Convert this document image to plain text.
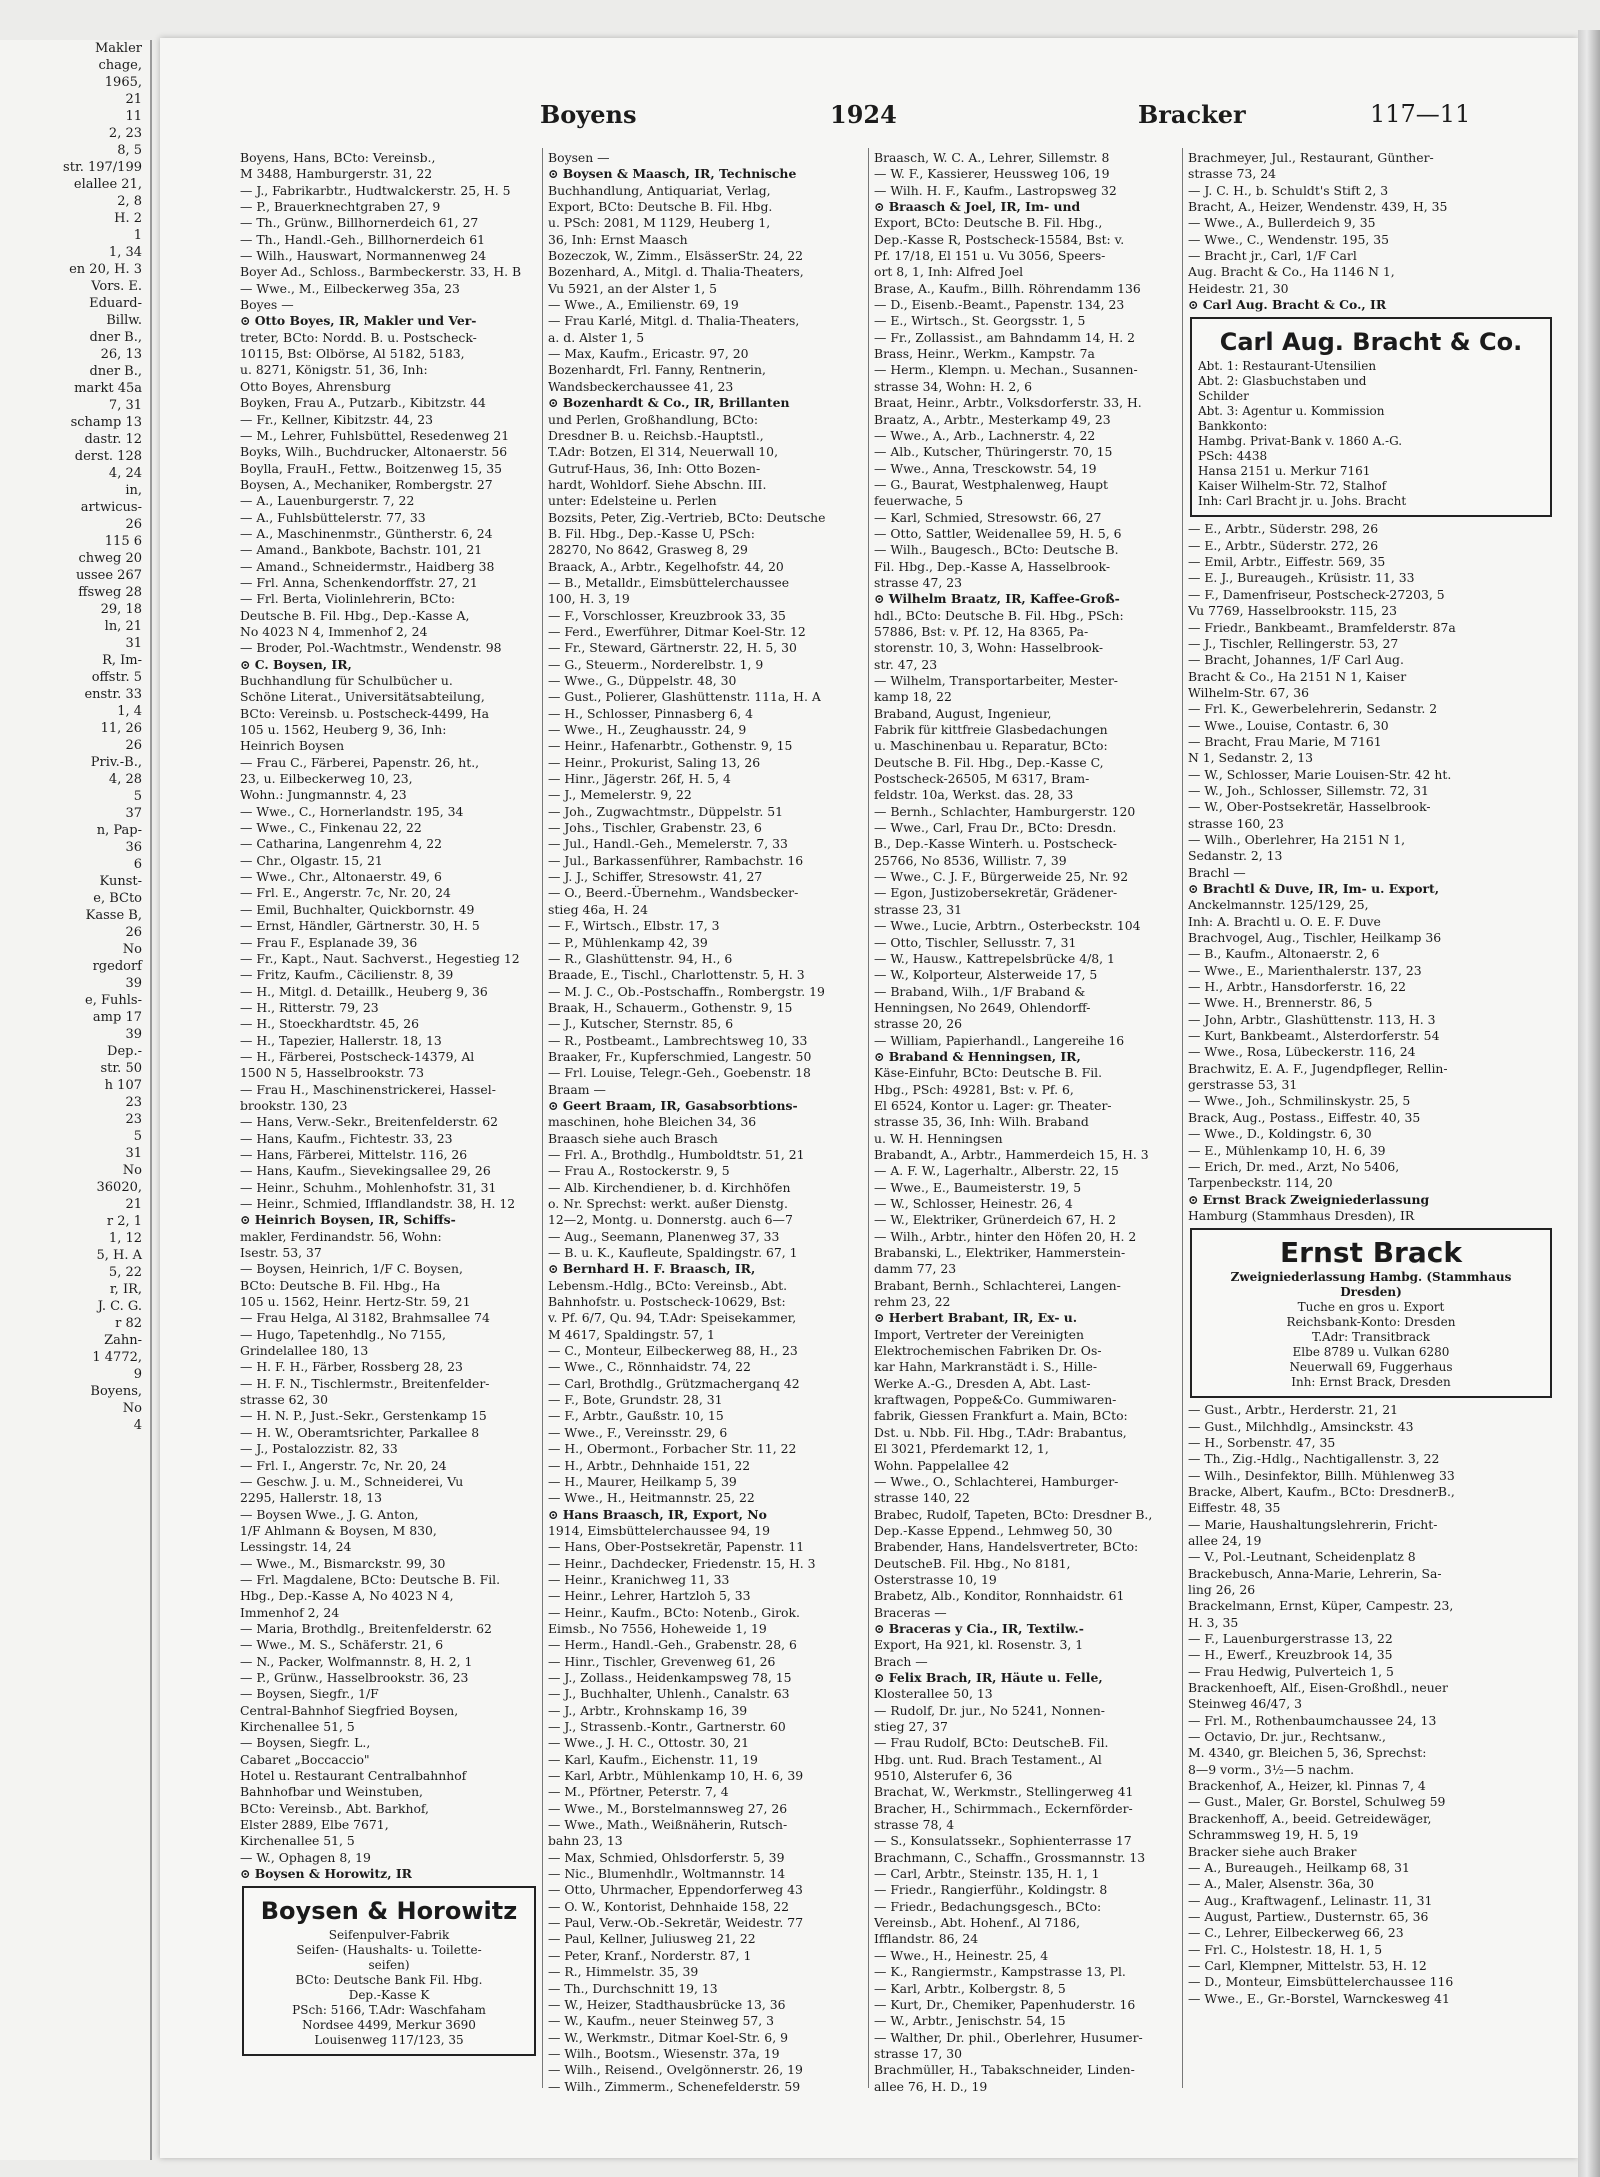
Makler
chage,
1965,
21
11
2, 23
8, 5
str. 197/199
elallee 21,
2, 8
H. 2
1
1, 34
en 20, H. 3
Vors. E.
Eduard-
Billw.
dner B.,
26, 13
dner B.,
markt 45a
7, 31
schamp 13
dastr. 12
derst. 128
4, 24
in,
artwicus-
26
115 6
chweg 20
ussee 267
ffsweg 28
29, 18
ln, 21
31
R, Im-
offstr. 5
enstr. 33
1, 4
11, 26
26
Priv.-B.,
4, 28
5
37
n, Pap-
36
6
Kunst-
e, BCto
Kasse B,
26
No
rgedorf
39
e, Fuhls-
amp 17
39
Dep.-
str. 50
h 107
23
23
5
31
No
36020,
21
r 2, 1
1, 12
5, H. A
5, 22
r, IR,
J. C. G.
r 82
Zahn-
1 4772,
9
Boyens,
No
4
Boyens	1924	Bracker	117—11
Boyens, Hans, BCto: Vereinsb.,
M 3488, Hamburgerstr. 31, 22
— J., Fabrikarbtr., Hudtwalckerstr. 25, H. 5
— P., Brauerknechtgraben 27, 9
— Th., Grünw., Billhornerdeich 61, 27
— Th., Handl.-Geh., Billhornerdeich 61
— Wilh., Hauswart, Normannenweg 24
Boyer Ad., Schloss., Barmbeckerstr. 33, H. B
— Wwe., M., Eilbeckerweg 35a, 23
Boyes —
⊙ Otto Boyes, IR, Makler und Ver-
treter, BCto: Nordd. B. u. Postscheck-
10115, Bst: Olbörse, Al 5182, 5183,
u. 8271, Königstr. 51, 36, Inh:
Otto Boyes, Ahrensburg
Boyken, Frau A., Putzarb., Kibitzstr. 44
— Fr., Kellner, Kibitzstr. 44, 23
— M., Lehrer, Fuhlsbüttel, Resedenweg 21
Boyks, Wilh., Buchdrucker, Altonaerstr. 56
Boylla, FrauH., Fettw., Boitzenweg 15, 35
Boysen, A., Mechaniker, Rombergstr. 27
— A., Lauenburgerstr. 7, 22
— A., Fuhlsbüttelerstr. 77, 33
— A., Maschinenmstr., Güntherstr. 6, 24
— Amand., Bankbote, Bachstr. 101, 21
— Amand., Schneidermstr., Haidberg 38
— Frl. Anna, Schenkendorffstr. 27, 21
— Frl. Berta, Violinlehrerin, BCto:
Deutsche B. Fil. Hbg., Dep.-Kasse A,
No 4023 N 4, Immenhof 2, 24
— Broder, Pol.-Wachtmstr., Wendenstr. 98
⊙ C. Boysen, IR,
Buchhandlung für Schulbücher u.
Schöne Literat., Universitätsabteilung,
BCto: Vereinsb. u. Postscheck-4499, Ha
105 u. 1562, Heuberg 9, 36, Inh:
Heinrich Boysen
— Frau C., Färberei, Papenstr. 26, ht.,
23, u. Eilbeckerweg 10, 23,
Wohn.: Jungmannstr. 4, 23
— Wwe., C., Hornerlandstr. 195, 34
— Wwe., C., Finkenau 22, 22
— Catharina, Langenrehm 4, 22
— Chr., Olgastr. 15, 21
— Wwe., Chr., Altonaerstr. 49, 6
— Frl. E., Angerstr. 7c, Nr. 20, 24
— Emil, Buchhalter, Quickbornstr. 49
— Ernst, Händler, Gärtnerstr. 30, H. 5
— Frau F., Esplanade 39, 36
— Fr., Kapt., Naut. Sachverst., Hegestieg 12
— Fritz, Kaufm., Cäcilienstr. 8, 39
— H., Mitgl. d. Detaillk., Heuberg 9, 36
— H., Ritterstr. 79, 23
— H., Stoeckhardtstr. 45, 26
— H., Tapezier, Hallerstr. 18, 13
— H., Färberei, Postscheck-14379, Al
1500 N 5, Hasselbrookstr. 73
— Frau H., Maschinenstrickerei, Hassel-
brookstr. 130, 23
— Hans, Verw.-Sekr., Breitenfelderstr. 62
— Hans, Kaufm., Fichtestr. 33, 23
— Hans, Färberei, Mittelstr. 116, 26
— Hans, Kaufm., Sievekingsallee 29, 26
— Heinr., Schuhm., Mohlenhofstr. 31, 31
— Heinr., Schmied, Ifflandlandstr. 38, H. 12
⊙ Heinrich Boysen, IR, Schiffs-
makler, Ferdinandstr. 56, Wohn:
Isestr. 53, 37
— Boysen, Heinrich, 1/F C. Boysen,
BCto: Deutsche B. Fil. Hbg., Ha
105 u. 1562, Heinr. Hertz-Str. 59, 21
— Frau Helga, Al 3182, Brahmsallee 74
— Hugo, Tapetenhdlg., No 7155,
Grindelallee 180, 13
— H. F. H., Färber, Rossberg 28, 23
— H. F. N., Tischlermstr., Breitenfelder-
strasse 62, 30
— H. N. P., Just.-Sekr., Gerstenkamp 15
— H. W., Oberamtsrichter, Parkallee 8
— J., Postalozzistr. 82, 33
— Frl. I., Angerstr. 7c, Nr. 20, 24
— Geschw. J. u. M., Schneiderei, Vu
2295, Hallerstr. 18, 13
— Boysen Wwe., J. G. Anton,
1/F Ahlmann & Boysen, M 830,
Lessingstr. 14, 24
— Wwe., M., Bismarckstr. 99, 30
— Frl. Magdalene, BCto: Deutsche B. Fil.
Hbg., Dep.-Kasse A, No 4023 N 4,
Immenhof 2, 24
— Maria, Brothdlg., Breitenfelderstr. 62
— Wwe., M. S., Schäferstr. 21, 6
— N., Packer, Wolfmannstr. 8, H. 2, 1
— P., Grünw., Hasselbrookstr. 36, 23
— Boysen, Siegfr., 1/F
Central-Bahnhof Siegfried Boysen,
Kirchenallee 51, 5
— Boysen, Siegfr. L.,
Cabaret „Boccaccio"
Hotel u. Restaurant Centralbahnhof
Bahnhofbar und Weinstuben,
BCto: Vereinsb., Abt. Barkhof,
Elster 2889, Elbe 7671,
Kirchenallee 51, 5
— W., Ophagen 8, 19
⊙ Boysen & Horowitz, IR
Boysen & Horowitz
Seifenpulver-Fabrik
Seifen- (Haushalts- u. Toilette-
seifen)
BCto: Deutsche Bank Fil. Hbg.
Dep.-Kasse K
PSch: 5166, T.Adr: Waschfaham
Nordsee 4499, Merkur 3690
Louisenweg 117/123, 35
Boysen —
⊙ Boysen & Maasch, IR, Technische
Buchhandlung, Antiquariat, Verlag,
Export, BCto: Deutsche B. Fil. Hbg.
u. PSch: 2081, M 1129, Heuberg 1,
36, Inh: Ernst Maasch
Bozeczok, W., Zimm., ElsässerStr. 24, 22
Bozenhard, A., Mitgl. d. Thalia-Theaters,
Vu 5921, an der Alster 1, 5
— Wwe., A., Emilienstr. 69, 19
— Frau Karlé, Mitgl. d. Thalia-Theaters,
a. d. Alster 1, 5
— Max, Kaufm., Ericastr. 97, 20
Bozenhardt, Frl. Fanny, Rentnerin,
Wandsbeckerchaussee 41, 23
⊙ Bozenhardt & Co., IR, Brillanten
und Perlen, Großhandlung, BCto:
Dresdner B. u. Reichsb.-Hauptstl.,
T.Adr: Botzen, El 314, Neuerwall 10,
Gutruf-Haus, 36, Inh: Otto Bozen-
hardt, Wohldorf. Siehe Abschn. III.
unter: Edelsteine u. Perlen
Bozsits, Peter, Zig.-Vertrieb, BCto: Deutsche
B. Fil. Hbg., Dep.-Kasse U, PSch:
28270, No 8642, Grasweg 8, 29
Braack, A., Arbtr., Kegelhofstr. 44, 20
— B., Metalldr., Eimsbüttelerchaussee
100, H. 3, 19
— F., Vorschlosser, Kreuzbrook 33, 35
— Ferd., Ewerführer, Ditmar Koel-Str. 12
— Fr., Steward, Gärtnerstr. 22, H. 5, 30
— G., Steuerm., Norderelbstr. 1, 9
— Wwe., G., Düppelstr. 48, 30
— Gust., Polierer, Glashüttenstr. 111a, H. A
— H., Schlosser, Pinnasberg 6, 4
— Wwe., H., Zeughausstr. 24, 9
— Heinr., Hafenarbtr., Gothenstr. 9, 15
— Heinr., Prokurist, Saling 13, 26
— Hinr., Jägerstr. 26f, H. 5, 4
— J., Memelerstr. 9, 22
— Joh., Zugwachtmstr., Düppelstr. 51
— Johs., Tischler, Grabenstr. 23, 6
— Jul., Handl.-Geh., Memelerstr. 7, 33
— Jul., Barkassenführer, Rambachstr. 16
— J. J., Schiffer, Stresowstr. 41, 27
— O., Beerd.-Übernehm., Wandsbecker-
stieg 46a, H. 24
— F., Wirtsch., Elbstr. 17, 3
— P., Mühlenkamp 42, 39
— R., Glashüttenstr. 94, H., 6
Braade, E., Tischl., Charlottenstr. 5, H. 3
— M. J. C., Ob.-Postschaffn., Rombergstr. 19
Braak, H., Schauerm., Gothenstr. 9, 15
— J., Kutscher, Sternstr. 85, 6
— R., Postbeamt., Lambrechtsweg 10, 33
Braaker, Fr., Kupferschmied, Langestr. 50
— Frl. Louise, Telegr.-Geh., Goebenstr. 18
Braam —
⊙ Geert Braam, IR, Gasabsorbtions-
maschinen, hohe Bleichen 34, 36
Braasch siehe auch Brasch
— Frl. A., Brothdlg., Humboldtstr. 51, 21
— Frau A., Rostockerstr. 9, 5
— Alb. Kirchendiener, b. d. Kirchhöfen
o. Nr. Sprechst: werkt. außer Dienstg.
12—2, Montg. u. Donnerstg. auch 6—7
— Aug., Seemann, Planenweg 37, 33
— B. u. K., Kaufleute, Spaldingstr. 67, 1
⊙ Bernhard H. F. Braasch, IR,
Lebensm.-Hdlg., BCto: Vereinsb., Abt.
Bahnhofstr. u. Postscheck-10629, Bst:
v. Pf. 6/7, Qu. 94, T.Adr: Speisekammer,
M 4617, Spaldingstr. 57, 1
— C., Monteur, Eilbeckerweg 88, H., 23
— Wwe., C., Rönnhaidstr. 74, 22
— Carl, Brothdlg., Grützmacherganq 42
— F., Bote, Grundstr. 28, 31
— F., Arbtr., Gaußstr. 10, 15
— Wwe., F., Vereinsstr. 29, 6
— H., Obermont., Forbacher Str. 11, 22
— H., Arbtr., Dehnhaide 151, 22
— H., Maurer, Heilkamp 5, 39
— Wwe., H., Heitmannstr. 25, 22
⊙ Hans Braasch, IR, Export, No
1914, Eimsbüttelerchaussee 94, 19
— Hans, Ober-Postsekretär, Papenstr. 11
— Heinr., Dachdecker, Friedenstr. 15, H. 3
— Heinr., Kranichweg 11, 33
— Heinr., Lehrer, Hartzloh 5, 33
— Heinr., Kaufm., BCto: Notenb., Girok.
Eimsb., No 7556, Hoheweide 1, 19
— Herm., Handl.-Geh., Grabenstr. 28, 6
— Hinr., Tischler, Grevenweg 61, 26
— J., Zollass., Heidenkampsweg 78, 15
— J., Buchhalter, Uhlenh., Canalstr. 63
— J., Arbtr., Krohnskamp 16, 39
— J., Strassenb.-Kontr., Gartnerstr. 60
— Wwe., J. H. C., Ottostr. 30, 21
— Karl, Kaufm., Eichenstr. 11, 19
— Karl, Arbtr., Mühlenkamp 10, H. 6, 39
— M., Pförtner, Peterstr. 7, 4
— Wwe., M., Borstelmannsweg 27, 26
— Wwe., Math., Weißnäherin, Rutsch-
bahn 23, 13
— Max, Schmied, Ohlsdorferstr. 5, 39
— Nic., Blumenhdlr., Woltmannstr. 14
— Otto, Uhrmacher, Eppendorferweg 43
— O. W., Kontorist, Dehnhaide 158, 22
— Paul, Verw.-Ob.-Sekretär, Weidestr. 77
— Paul, Kellner, Juliusweg 21, 22
— Peter, Kranf., Norderstr. 87, 1
— R., Himmelstr. 35, 39
— Th., Durchschnitt 19, 13
— W., Heizer, Stadthausbrücke 13, 36
— W., Kaufm., neuer Steinweg 57, 3
— W., Werkmstr., Ditmar Koel-Str. 6, 9
— Wilh., Bootsm., Wiesenstr. 37a, 19
— Wilh., Reisend., Ovelgönnerstr. 26, 19
— Wilh., Zimmerm., Schenefelderstr. 59
Braasch, W. C. A., Lehrer, Sillemstr. 8
— W. F., Kassierer, Heussweg 106, 19
— Wilh. H. F., Kaufm., Lastropsweg 32
⊙ Braasch & Joel, IR, Im- und
Export, BCto: Deutsche B. Fil. Hbg.,
Dep.-Kasse R, Postscheck-15584, Bst: v.
Pf. 17/18, El 151 u. Vu 3056, Speers-
ort 8, 1, Inh: Alfred Joel
Brase, A., Kaufm., Billh. Röhrendamm 136
— D., Eisenb.-Beamt., Papenstr. 134, 23
— E., Wirtsch., St. Georgsstr. 1, 5
— Fr., Zollassist., am Bahndamm 14, H. 2
Brass, Heinr., Werkm., Kampstr. 7a
— Herm., Klempn. u. Mechan., Susannen-
strasse 34, Wohn: H. 2, 6
Braat, Heinr., Arbtr., Volksdorferstr. 33, H.
Braatz, A., Arbtr., Mesterkamp 49, 23
— Wwe., A., Arb., Lachnerstr. 4, 22
— Alb., Kutscher, Thüringerstr. 70, 15
— Wwe., Anna, Tresckowstr. 54, 19
— G., Baurat, Westphalenweg, Haupt
feuerwache, 5
— Karl, Schmied, Stresowstr. 66, 27
— Otto, Sattler, Weidenallee 59, H. 5, 6
— Wilh., Baugesch., BCto: Deutsche B.
Fil. Hbg., Dep.-Kasse A, Hasselbrook-
strasse 47, 23
⊙ Wilhelm Braatz, IR, Kaffee-Groß-
hdl., BCto: Deutsche B. Fil. Hbg., PSch:
57886, Bst: v. Pf. 12, Ha 8365, Pa-
storenstr. 10, 3, Wohn: Hasselbrook-
str. 47, 23
— Wilhelm, Transportarbeiter, Mester-
kamp 18, 22
Braband, August, Ingenieur,
Fabrik für kittfreie Glasbedachungen
u. Maschinenbau u. Reparatur, BCto:
Deutsche B. Fil. Hbg., Dep.-Kasse C,
Postscheck-26505, M 6317, Bram-
feldstr. 10a, Werkst. das. 28, 33
— Bernh., Schlachter, Hamburgerstr. 120
— Wwe., Carl, Frau Dr., BCto: Dresdn.
B., Dep.-Kasse Winterh. u. Postscheck-
25766, No 8536, Willistr. 7, 39
— Wwe., C. J. F., Bürgerweide 25, Nr. 92
— Egon, Justizobersekretär, Grädener-
strasse 23, 31
— Wwe., Lucie, Arbtrn., Osterbeckstr. 104
— Otto, Tischler, Sellusstr. 7, 31
— W., Hausw., Kattrepelsbrücke 4/8, 1
— W., Kolporteur, Alsterweide 17, 5
— Braband, Wilh., 1/F Braband &
Henningsen, No 2649, Ohlendorff-
strasse 20, 26
— William, Papierhandl., Langereihe 16
⊙ Braband & Henningsen, IR,
Käse-Einfuhr, BCto: Deutsche B. Fil.
Hbg., PSch: 49281, Bst: v. Pf. 6,
El 6524, Kontor u. Lager: gr. Theater-
strasse 35, 36, Inh: Wilh. Braband
u. W. H. Henningsen
Brabandt, A., Arbtr., Hammerdeich 15, H. 3
— A. F. W., Lagerhaltr., Alberstr. 22, 15
— Wwe., E., Baumeisterstr. 19, 5
— W., Schlosser, Heinestr. 26, 4
— W., Elektriker, Grünerdeich 67, H. 2
— Wilh., Arbtr., hinter den Höfen 20, H. 2
Brabanski, L., Elektriker, Hammerstein-
damm 77, 23
Brabant, Bernh., Schlachterei, Langen-
rehm 23, 22
⊙ Herbert Brabant, IR, Ex- u.
Import, Vertreter der Vereinigten
Elektrochemischen Fabriken Dr. Os-
kar Hahn, Markranstädt i. S., Hille-
Werke A.-G., Dresden A, Abt. Last-
kraftwagen, Poppe&Co. Gummiwaren-
fabrik, Giessen Frankfurt a. Main, BCto:
Dst. u. Nbb. Fil. Hbg., T.Adr: Brabantus,
El 3021, Pferdemarkt 12, 1,
Wohn. Pappelallee 42
— Wwe., O., Schlachterei, Hamburger-
strasse 140, 22
Brabec, Rudolf, Tapeten, BCto: Dresdner B.,
Dep.-Kasse Eppend., Lehmweg 50, 30
Brabender, Hans, Handelsvertreter, BCto:
DeutscheB. Fil. Hbg., No 8181,
Osterstrasse 10, 19
Brabetz, Alb., Konditor, Ronnhaidstr. 61
Braceras —
⊙ Braceras y Cia., IR, Textilw.-
Export, Ha 921, kl. Rosenstr. 3, 1
Brach —
⊙ Felix Brach, IR, Häute u. Felle,
Klosterallee 50, 13
— Rudolf, Dr. jur., No 5241, Nonnen-
stieg 27, 37
— Frau Rudolf, BCto: DeutscheB. Fil.
Hbg. unt. Rud. Brach Testament., Al
9510, Alsterufer 6, 36
Brachat, W., Werkmstr., Stellingerweg 41
Bracher, H., Schirmmach., Eckernförder-
strasse 78, 4
— S., Konsulatssekr., Sophienterrasse 17
Brachmann, C., Schaffn., Grossmannstr. 13
— Carl, Arbtr., Steinstr. 135, H. 1, 1
— Friedr., Rangierführ., Koldingstr. 8
— Friedr., Bedachungsgesch., BCto:
Vereinsb., Abt. Hohenf., Al 7186,
Ifflandstr. 86, 24
— Wwe., H., Heinestr. 25, 4
— K., Rangiermstr., Kampstrasse 13, Pl.
— Karl, Arbtr., Kolbergstr. 8, 5
— Kurt, Dr., Chemiker, Papenhuderstr. 16
— W., Arbtr., Jenischstr. 54, 15
— Walther, Dr. phil., Oberlehrer, Husumer-
strasse 17, 30
Brachmüller, H., Tabakschneider, Linden-
allee 76, H. D., 19
Brachmeyer, Jul., Restaurant, Günther-
strasse 73, 24
— J. C. H., b. Schuldt's Stift 2, 3
Bracht, A., Heizer, Wendenstr. 439, H, 35
— Wwe., A., Bullerdeich 9, 35
— Wwe., C., Wendenstr. 195, 35
— Bracht jr., Carl, 1/F Carl
Aug. Bracht & Co., Ha 1146 N 1,
Heidestr. 21, 30
⊙ Carl Aug. Bracht & Co., IR
Carl Aug. Bracht & Co.
Abt. 1: Restaurant-Utensilien
Abt. 2: Glasbuchstaben und
Schilder
Abt. 3: Agentur u. Kommission
Bankkonto:
Hambg. Privat-Bank v. 1860 A.-G.
PSch: 4438
Hansa 2151 u. Merkur 7161
Kaiser Wilhelm-Str. 72, Stalhof
Inh: Carl Bracht jr. u. Johs. Bracht
— E., Arbtr., Süderstr. 298, 26
— E., Arbtr., Süderstr. 272, 26
— Emil, Arbtr., Eiffestr. 569, 35
— E. J., Bureaugeh., Krüsistr. 11, 33
— F., Damenfriseur, Postscheck-27203, 5
Vu 7769, Hasselbrookstr. 115, 23
— Friedr., Bankbeamt., Bramfelderstr. 87a
— J., Tischler, Rellingerstr. 53, 27
— Bracht, Johannes, 1/F Carl Aug.
Bracht & Co., Ha 2151 N 1, Kaiser
Wilhelm-Str. 67, 36
— Frl. K., Gewerbelehrerin, Sedanstr. 2
— Wwe., Louise, Contastr. 6, 30
— Bracht, Frau Marie, M 7161
N 1, Sedanstr. 2, 13
— W., Schlosser, Marie Louisen-Str. 42 ht.
— W., Joh., Schlosser, Sillemstr. 72, 31
— W., Ober-Postsekretär, Hasselbrook-
strasse 160, 23
— Wilh., Oberlehrer, Ha 2151 N 1,
Sedanstr. 2, 13
Brachl —
⊙ Brachtl & Duve, IR, Im- u. Export,
Anckelmannstr. 125/129, 25,
Inh: A. Brachtl u. O. E. F. Duve
Brachvogel, Aug., Tischler, Heilkamp 36
— B., Kaufm., Altonaerstr. 2, 6
— Wwe., E., Marienthalerstr. 137, 23
— H., Arbtr., Hansdorferstr. 16, 22
— Wwe. H., Brennerstr. 86, 5
— John, Arbtr., Glashüttenstr. 113, H. 3
— Kurt, Bankbeamt., Alsterdorferstr. 54
— Wwe., Rosa, Lübeckerstr. 116, 24
Brachwitz, E. A. F., Jugendpfleger, Rellin-
gerstrasse 53, 31
— Wwe., Joh., Schmilinskystr. 25, 5
Brack, Aug., Postass., Eiffestr. 40, 35
— Wwe., D., Koldingstr. 6, 30
— E., Mühlenkamp 10, H. 6, 39
— Erich, Dr. med., Arzt, No 5406,
Tarpenbeckstr. 114, 20
⊙ Ernst Brack Zweigniederlassung
Hamburg (Stammhaus Dresden), IR
Ernst Brack
Zweigniederlassung Hambg. (Stammhaus Dresden)
Tuche en gros u. Export
Reichsbank-Konto: Dresden
T.Adr: Transitbrack
Elbe 8789 u. Vulkan 6280
Neuerwall 69, Fuggerhaus
Inh: Ernst Brack, Dresden
— Gust., Arbtr., Herderstr. 21, 21
— Gust., Milchhdlg., Amsinckstr. 43
— H., Sorbenstr. 47, 35
— Th., Zig.-Hdlg., Nachtigallenstr. 3, 22
— Wilh., Desinfektor, Billh. Mühlenweg 33
Bracke, Albert, Kaufm., BCto: DresdnerB.,
Eiffestr. 48, 35
— Marie, Haushaltungslehrerin, Fricht-
allee 24, 19
— V., Pol.-Leutnant, Scheidenplatz 8
Brackebusch, Anna-Marie, Lehrerin, Sa-
ling 26, 26
Brackelmann, Ernst, Küper, Campestr. 23,
H. 3, 35
— F., Lauenburgerstrasse 13, 22
— H., Ewerf., Kreuzbrook 14, 35
— Frau Hedwig, Pulverteich 1, 5
Brackenhoeft, Alf., Eisen-Großhdl., neuer
Steinweg 46/47, 3
— Frl. M., Rothenbaumchaussee 24, 13
— Octavio, Dr. jur., Rechtsanw.,
M. 4340, gr. Bleichen 5, 36, Sprechst:
8—9 vorm., 3½—5 nachm.
Brackenhof, A., Heizer, kl. Pinnas 7, 4
— Gust., Maler, Gr. Borstel, Schulweg 59
Brackenhoff, A., beeid. Getreidewäger,
Schrammsweg 19, H. 5, 19
Bracker siehe auch Braker
— A., Bureaugeh., Heilkamp 68, 31
— A., Maler, Alsenstr. 36a, 30
— Aug., Kraftwagenf., Lelinastr. 11, 31
— August, Partiew., Dusternstr. 65, 36
— C., Lehrer, Eilbeckerweg 66, 23
— Frl. C., Holstestr. 18, H. 1, 5
— Carl, Klempner, Mittelstr. 53, H. 12
— D., Monteur, Eimsbüttelerchaussee 116
— Wwe., E., Gr.-Borstel, Warnckesweg 41
